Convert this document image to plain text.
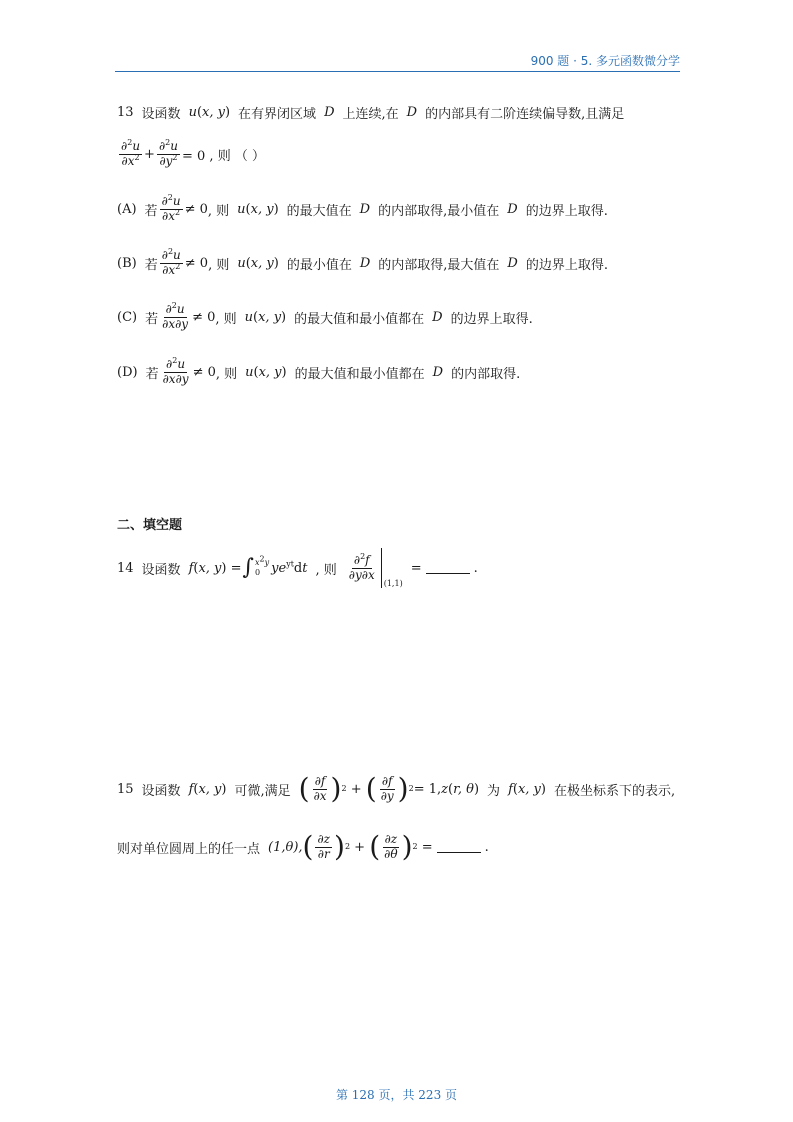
900 题 · 5. 多元函数微分学
13 设函数 u(x, y) 在有界闭区域 D 上连续,在 D 的内部具有二阶连续偏导数,且满足
$\frac{\partial^2u}{\partial x^2} + \frac{\partial^2u}{\partial y^2} = 0$ , 则 （ ）
(A) 若 $\frac{\partial^2u}{\partial x^2} \ne 0$ , 则 u(x, y) 的最大值在 D 的内部取得,最小值在 D 的边界上取得.
(B) 若 $\frac{\partial^2u}{\partial x^2} \ne 0$ , 则 u(x, y) 的最小值在 D 的内部取得,最大值在 D 的边界上取得.
(C) 若 $\frac{\partial^2u}{\partial x\partial y} \ne 0$ , 则 u(x, y) 的最大值和最小值都在 D 的边界上取得.
(D) 若 $\frac{\partial^2u}{\partial x\partial y} \ne 0$ , 则 u(x, y) 的最大值和最小值都在 D 的内部取得.
二、填空题
14 设函数 f(x, y) = ∫ $x^2y$
0 $ye^{yt}dt$ , 则 $\frac{\partial^2f}{\partial y\partial x}$
(1,1)
=	.
15 设函数 f(x, y) 可微,满足 ( $\frac{\partial f}{\partial x}$ ) 2 + ( $\frac{\partial f}{\partial y}$ ) 2 = 1, z(r, θ) 为 f(x, y) 在极坐标系下的表示,
则对单位圆周上的任一点 (1,θ), ( $\frac{\partial z}{\partial r}$ ) 2 + ( $\frac{\partial z}{\partial\theta}$ ) 2 =	.
第 128 页，共 223 页
